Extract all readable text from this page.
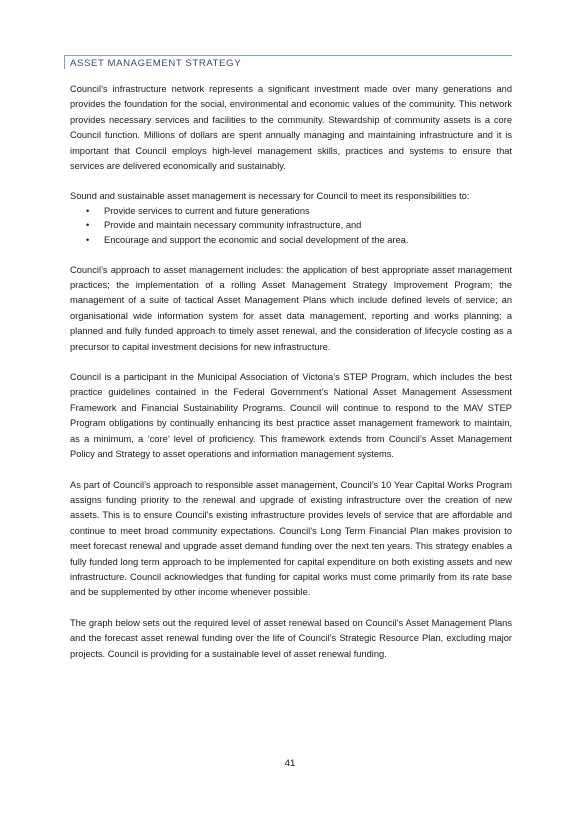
ASSET MANAGEMENT STRATEGY

Council’s infrastructure network represents a significant investment made over many generations and provides the foundation for the social, environmental and economic values of the community. This network provides necessary services and facilities to the community. Stewardship of community assets is a core Council function. Millions of dollars are spent annually managing and maintaining infrastructure and it is important that Council employs high-level management skills, practices and systems to ensure that services are delivered economically and sustainably.

Sound and sustainable asset management is necessary for Council to meet its responsibilities to:

• Provide services to current and future generations
• Provide and maintain necessary community infrastructure, and
• Encourage and support the economic and social development of the area.

Council’s approach to asset management includes: the application of best appropriate asset management practices; the implementation of a rolling Asset Management Strategy Improvement Program; the management of a suite of tactical Asset Management Plans which include defined levels of service; an organisational wide information system for asset data management, reporting and works planning; a planned and fully funded approach to timely asset renewal, and the consideration of lifecycle costing as a precursor to capital investment decisions for new infrastructure.

Council is a participant in the Municipal Association of Victoria’s STEP Program, which includes the best practice guidelines contained in the Federal Government’s National Asset Management Assessment Framework and Financial Sustainability Programs. Council will continue to respond to the MAV STEP Program obligations by continually enhancing its best practice asset management framework to maintain, as a minimum, a ‘core’ level of proficiency. This framework extends from Council’s Asset Management Policy and Strategy to asset operations and information management systems.

As part of Council’s approach to responsible asset management, Council’s 10 Year Capital Works Program assigns funding priority to the renewal and upgrade of existing infrastructure over the creation of new assets. This is to ensure Council’s existing infrastructure provides levels of service that are affordable and continue to meet broad community expectations. Council’s Long Term Financial Plan makes provision to meet forecast renewal and upgrade asset demand funding over the next ten years. This strategy enables a fully funded long term approach to be implemented for capital expenditure on both existing assets and new infrastructure. Council acknowledges that funding for capital works must come primarily from its rate base and be supplemented by other income whenever possible.

The graph below sets out the required level of asset renewal based on Council’s Asset Management Plans and the forecast asset renewal funding over the life of Council’s Strategic Resource Plan, excluding major projects. Council is providing for a sustainable level of asset renewal funding.

41
